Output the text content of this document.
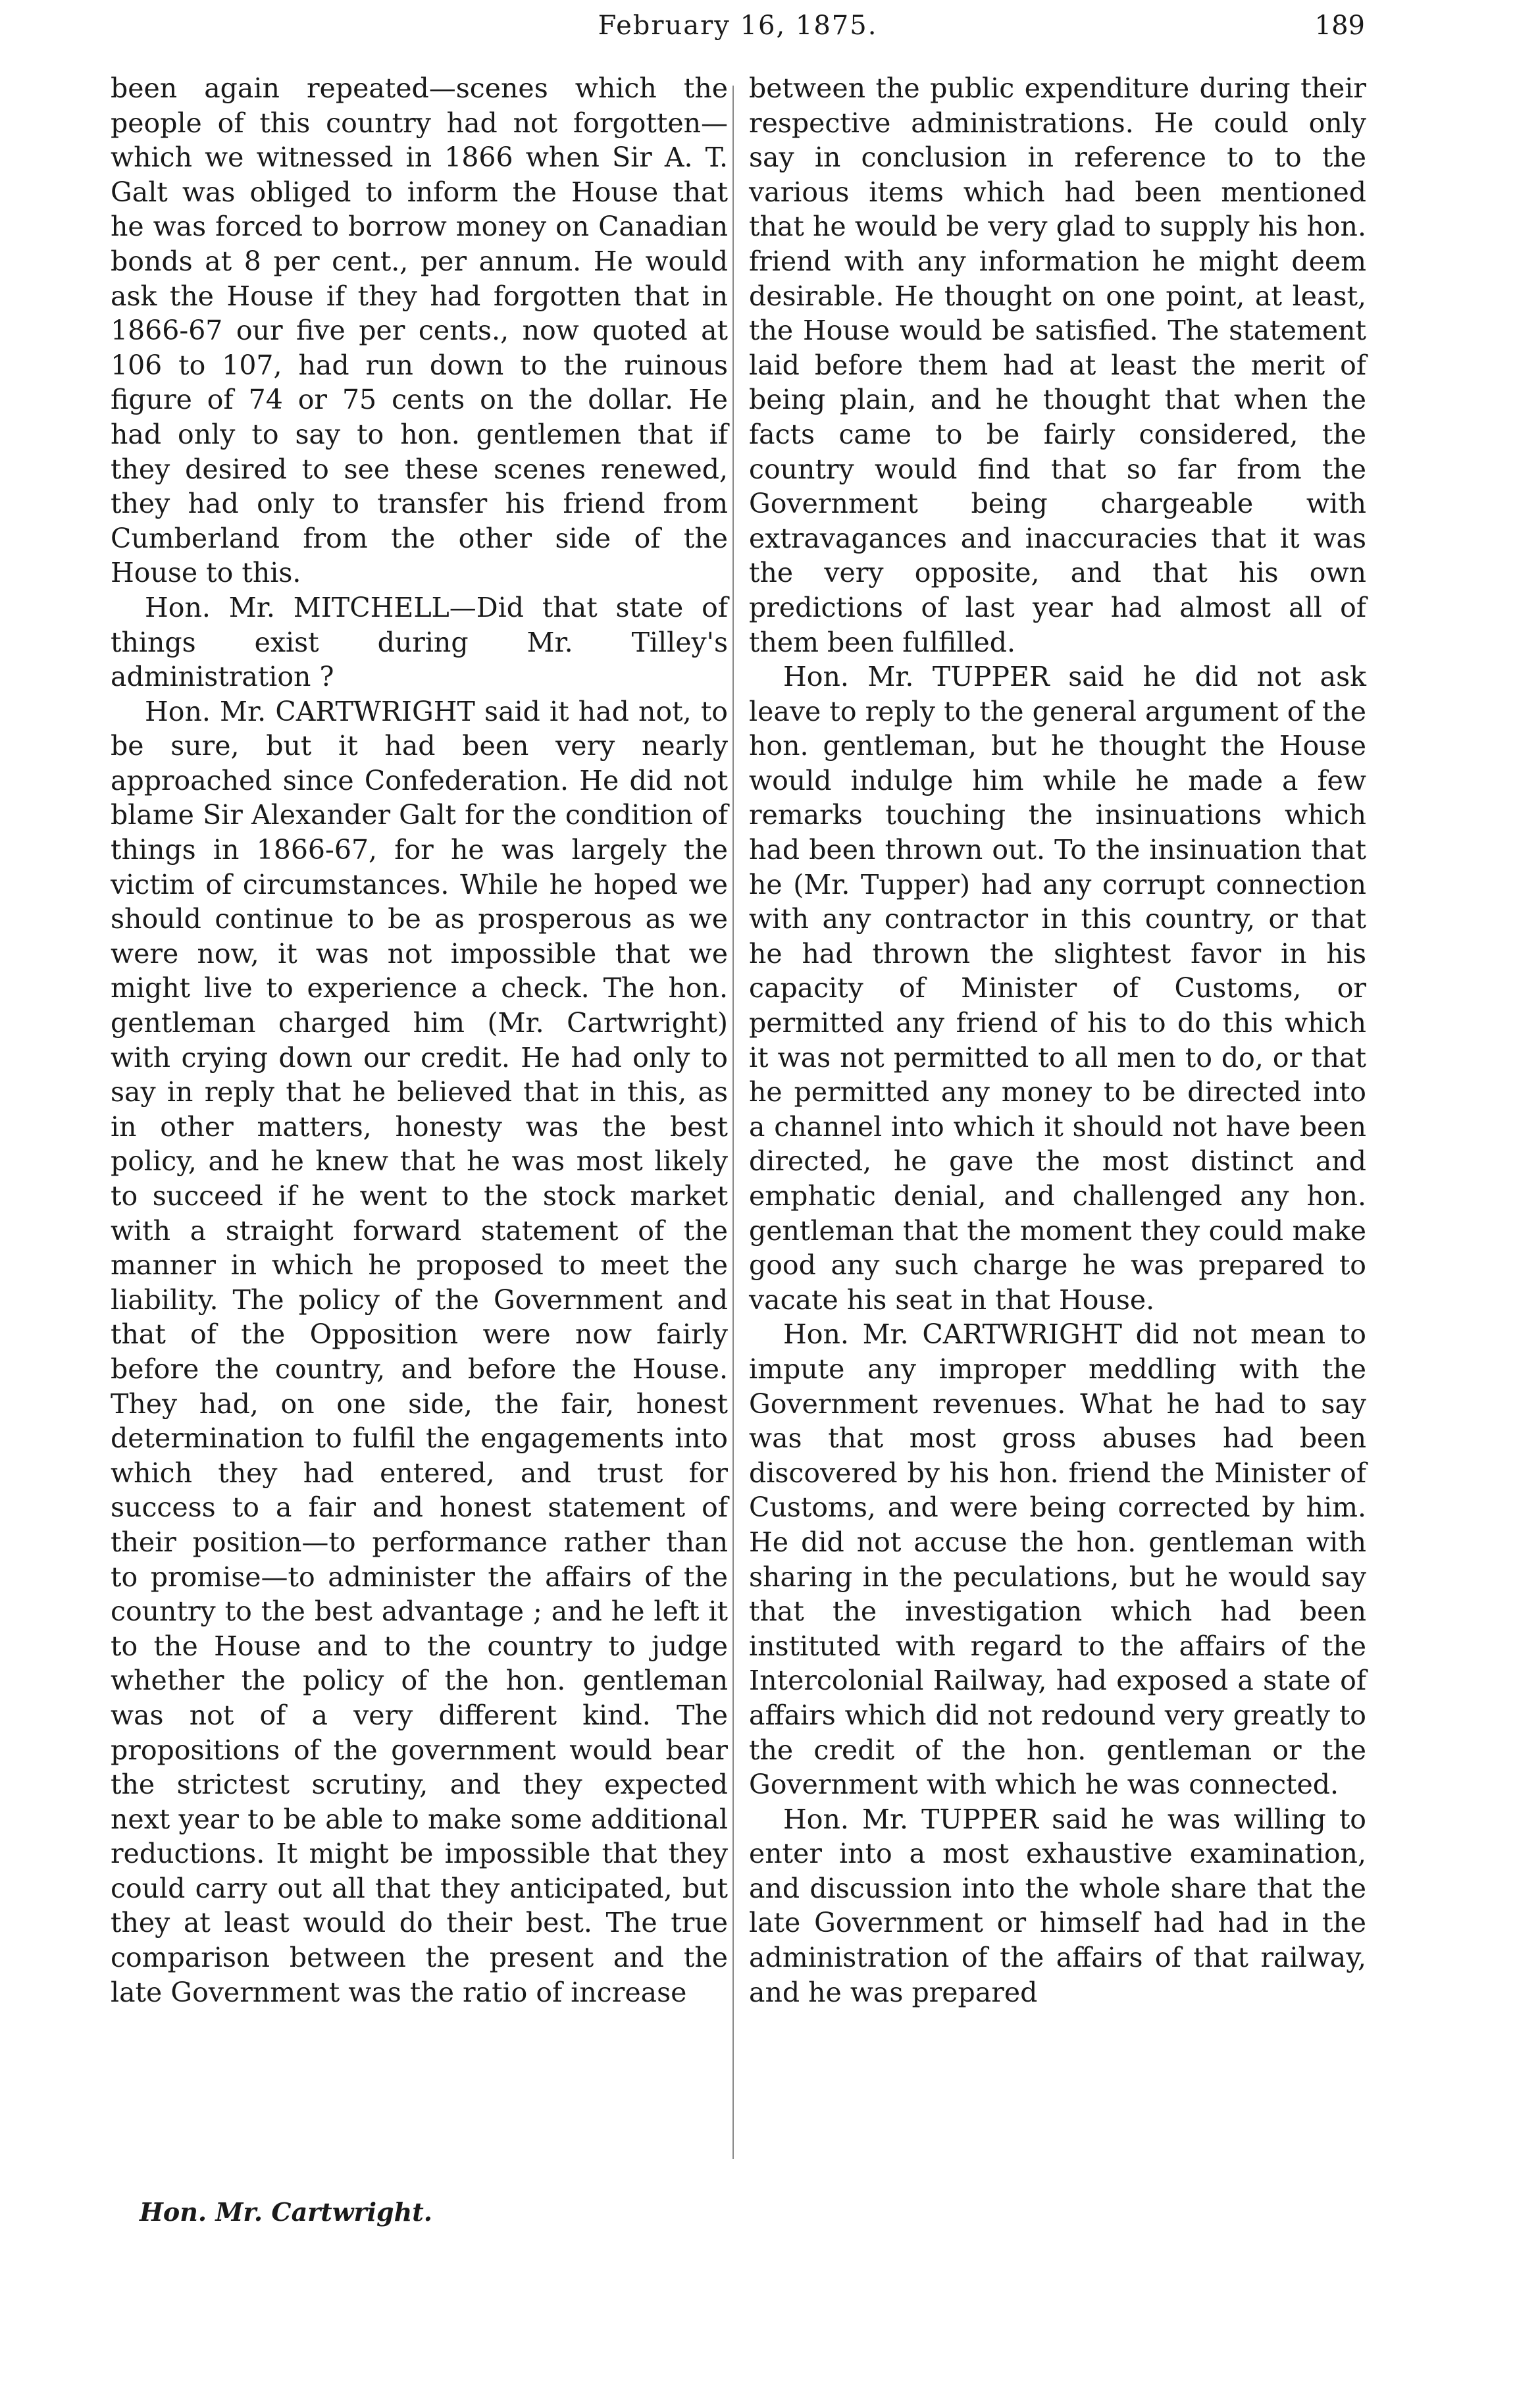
February 16, 1875.	189

been again repeated—scenes which the people of this country had not forgotten—which we witnessed in 1866 when Sir A. T. Galt was obliged to inform the House that he was forced to borrow money on Canadian bonds at 8 per cent., per annum. He would ask the House if they had forgotten that in 1866-67 our five per cents., now quoted at 106 to 107, had run down to the ruinous figure of 74 or 75 cents on the dollar. He had only to say to hon. gentlemen that if they desired to see these scenes renewed, they had only to transfer his friend from Cumberland from the other side of the House to this.

Hon. Mr. MITCHELL—Did that state of things exist during Mr. Tilley's administration ?

Hon. Mr. CARTWRIGHT said it had not, to be sure, but it had been very nearly approached since Confederation. He did not blame Sir Alexander Galt for the condition of things in 1866-67, for he was largely the victim of circumstances. While he hoped we should continue to be as prosperous as we were now, it was not impossible that we might live to experience a check. The hon. gentleman charged him (Mr. Cartwright) with crying down our credit. He had only to say in reply that he believed that in this, as in other matters, honesty was the best policy, and he knew that he was most likely to succeed if he went to the stock market with a straight forward statement of the manner in which he proposed to meet the liability. The policy of the Government and that of the Opposition were now fairly before the country, and before the House. They had, on one side, the fair, honest determination to fulfil the engagements into which they had entered, and trust for success to a fair and honest statement of their position—to performance rather than to promise—to administer the affairs of the country to the best advantage ; and he left it to the House and to the country to judge whether the policy of the hon. gentleman was not of a very different kind. The propositions of the government would bear the strictest scrutiny, and they expected next year to be able to make some additional reductions. It might be impossible that they could carry out all that they anticipated, but they at least would do their best. The true comparison between the present and the late Government was the ratio of increase

between the public expenditure during their respective administrations. He could only say in conclusion in reference to to the various items which had been mentioned that he would be very glad to supply his hon. friend with any information he might deem desirable. He thought on one point, at least, the House would be satisfied. The statement laid before them had at least the merit of being plain, and he thought that when the facts came to be fairly considered, the country would find that so far from the Government being chargeable with extravagances and inaccuracies that it was the very opposite, and that his own predictions of last year had almost all of them been fulfilled.

Hon. Mr. TUPPER said he did not ask leave to reply to the general argument of the hon. gentleman, but he thought the House would indulge him while he made a few remarks touching the insinuations which had been thrown out. To the insinuation that he (Mr. Tupper) had any corrupt connection with any contractor in this country, or that he had thrown the slightest favor in his capacity of Minister of Customs, or permitted any friend of his to do this which it was not permitted to all men to do, or that he permitted any money to be directed into a channel into which it should not have been directed, he gave the most distinct and emphatic denial, and challenged any hon. gentleman that the moment they could make good any such charge he was prepared to vacate his seat in that House.

Hon. Mr. CARTWRIGHT did not mean to impute any improper meddling with the Government revenues. What he had to say was that most gross abuses had been discovered by his hon. friend the Minister of Customs, and were being corrected by him. He did not accuse the hon. gentleman with sharing in the peculations, but he would say that the investigation which had been instituted with regard to the affairs of the Intercolonial Railway, had exposed a state of affairs which did not redound very greatly to the credit of the hon. gentleman or the Government with which he was connected.

Hon. Mr. TUPPER said he was willing to enter into a most exhaustive examination, and discussion into the whole share that the late Government or himself had had in the administration of the affairs of that railway, and he was prepared

Hon. Mr. Cartwright.
